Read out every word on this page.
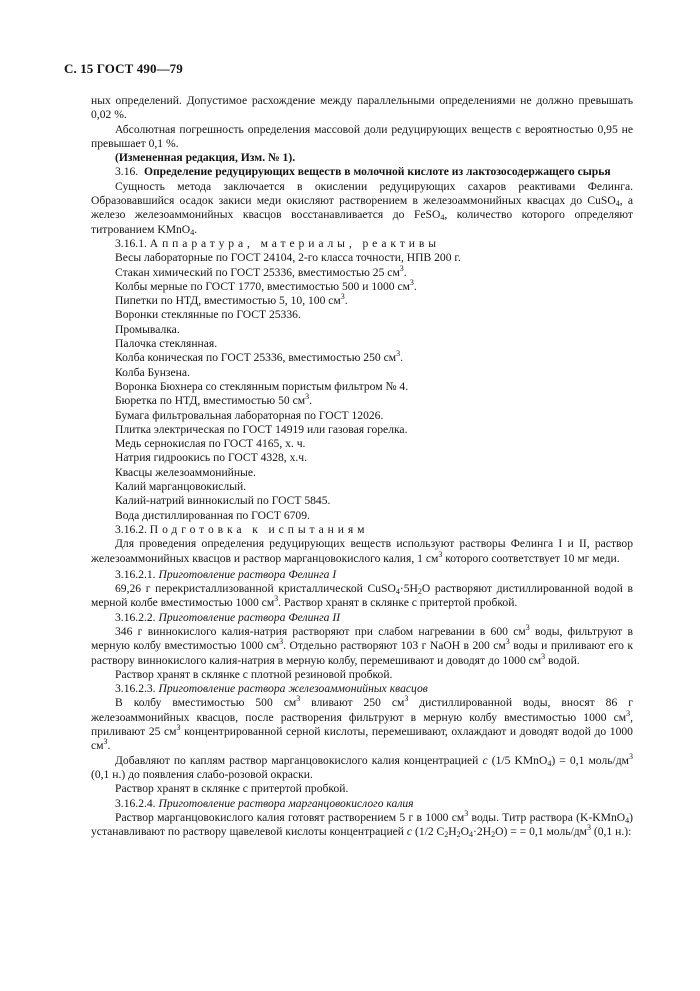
С. 15 ГОСТ 490—79

ных определений. Допустимое расхождение между параллельными определениями не должно превышать 0,02 %.

Абсолютная погрешность определения массовой доли редуцирующих веществ с вероятностью 0,95 не превышает 0,1 %.

(Измененная редакция, Изм. № 1).

3.16. Определение редуцирующих веществ в молочной кислоте из лактозосодержащего сырья

Сущность метода заключается в окислении редуцирующих сахаров реактивами Фелинга. Образовавшийся осадок закиси меди окисляют растворением в железоаммонийных квасцах до CuSO$_4$, а железо железоаммонийных квасцов восстанавливается до FeSO$_4$, количество которого определяют титрованием KMnO$_4$.

3.16.1. Аппаратура, материалы, реактивы

Весы лабораторные по ГОСТ 24104, 2-го класса точности, НПВ 200 г.

Стакан химический по ГОСТ 25336, вместимостью 25 $см^3$.

Колбы мерные по ГОСТ 1770, вместимостью 500 и 1000 $см^3$.

Пипетки по НТД, вместимостью 5, 10, 100 $см^3$.

Воронки стеклянные по ГОСТ 25336.

Промывалка.

Палочка стеклянная.

Колба коническая по ГОСТ 25336, вместимостью 250 $см^3$.

Колба Бунзена.

Воронка Бюхнера со стеклянным пористым фильтром № 4.

Бюретка по НТД, вместимостью 50 $см^3$.

Бумага фильтровальная лабораторная по ГОСТ 12026.

Плитка электрическая по ГОСТ 14919 или газовая горелка.

Медь сернокислая по ГОСТ 4165, х. ч.

Натрия гидроокись по ГОСТ 4328, х.ч.

Квасцы железоаммонийные.

Калий марганцовокислый.

Калий-натрий виннокислый по ГОСТ 5845.

Вода дистиллированная по ГОСТ 6709.

3.16.2. Подготовка к испытаниям

Для проведения определения редуцирующих веществ используют растворы Фелинга I и II, раствор железоаммонийных квасцов и раствор марганцовокислого калия, 1 $см^3$ которого соответствует 10 мг меди.

3.16.2.1. Приготовление раствора Фелинга I

69,26 г перекристаллизованной кристаллической $CuSO_4\cdot 5H_2O$ растворяют дистиллированной водой в мерной колбе вместимостью 1000 $см^3$. Раствор хранят в склянке с притертой пробкой.

3.16.2.2. Приготовление раствора Фелинга II

346 г виннокислого калия-натрия растворяют при слабом нагревании в 600 $см^3$ воды, фильтруют в мерную колбу вместимостью 1000 $см^3$. Отдельно растворяют 103 г NaOH в 200 $см^3$ воды и приливают его к раствору виннокислого калия-натрия в мерную колбу, перемешивают и доводят до 1000 $см^3$ водой.

Раствор хранят в склянке с плотной резиновой пробкой.

3.16.2.3. Приготовление раствора железоаммонийных квасцов

В колбу вместимостью 500 $см^3$ вливают 250 $см^3$ дистиллированной воды, вносят 86 г железоаммонийных квасцов, после растворения фильтруют в мерную колбу вместимостью 1000 $см^3$, приливают 25 $см^3$ концентрированной серной кислоты, перемешивают, охлаждают и доводят водой до 1000 $см^3$.

Добавляют по каплям раствор марганцовокислого калия концентрацией c (1/5 KMnO$_4$) = 0,1 моль/$дм^3$ (0,1 н.) до появления слабо-розовой окраски.

Раствор хранят в склянке с притертой пробкой.

3.16.2.4. Приготовление раствора марганцовокислого калия

Раствор марганцовокислого калия готовят растворением 5 г в 1000 $см^3$ воды. Титр раствора (K-KMnO$_4$) устанавливают по раствору щавелевой кислоты концентрацией c (1/2 $C_2H_2O_4\cdot 2H_2O$) = = 0,1 моль/$дм^3$ (0,1 н.):
